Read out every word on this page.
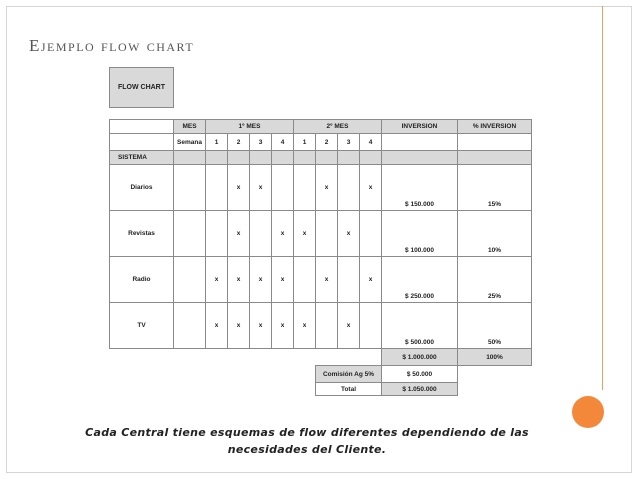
Ejemplo flow chart
FLOW CHART
	MES	1º MES				2º MES				INVERSION	% INVERSION
	Semana	1	2	3	4	1	2	3	4		
SISTEMA											
Diarios			x	x			x		x	$ 150.000	15%
Revistas			x		x	x		x		$ 100.000	10%
Radio		x	x	x	x		x		x	$ 250.000	25%
TV		x	x	x	x	x		x		$ 500.000	50%
										$ 1.000.000	100%
							Comisión Ag 5%			$ 50.000	
							Total			$ 1.050.000	
Cada Central tiene esquemas de flow diferentes dependiendo de las
necesidades del Cliente.
